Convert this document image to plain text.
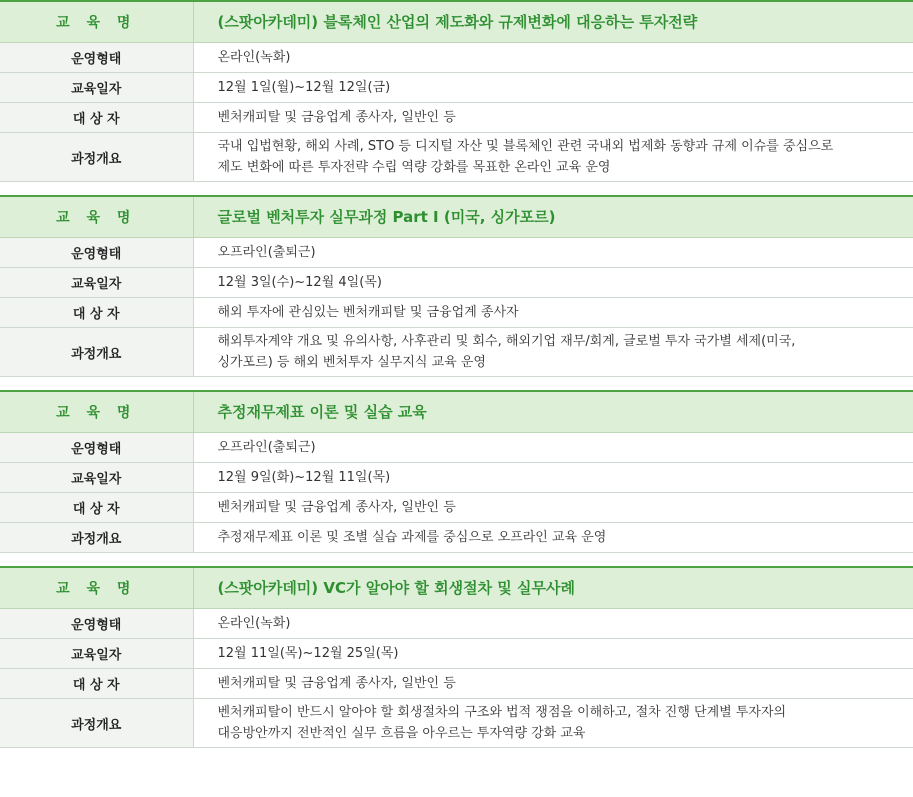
교 육 명	(스팟아카데미) 블록체인 산업의 제도화와 규제변화에 대응하는 투자전략
운영형태	온라인(녹화)
교육일자	12월 1일(월)~12월 12일(금)
대 상 자	벤처캐피탈 및 금융업계 종사자, 일반인 등
과정개요	국내 입법현황, 해외 사례, STO 등 디지털 자산 및 블록체인 관련 국내외 법제화 동향과 규제 이슈를 중심으로
제도 변화에 따른 투자전략 수립 역량 강화를 목표한 온라인 교육 운영

교 육 명	글로벌 벤처투자 실무과정 Part I (미국, 싱가포르)
운영형태	오프라인(출퇴근)
교육일자	12월 3일(수)~12월 4일(목)
대 상 자	해외 투자에 관심있는 벤처캐피탈 및 금융업계 종사자
과정개요	해외투자계약 개요 및 유의사항, 사후관리 및 회수, 해외기업 재무/회계, 글로벌 투자 국가별 세제(미국,
싱가포르) 등 해외 벤처투자 실무지식 교육 운영

교 육 명	추정재무제표 이론 및 실습 교육
운영형태	오프라인(출퇴근)
교육일자	12월 9일(화)~12월 11일(목)
대 상 자	벤처캐피탈 및 금융업계 종사자, 일반인 등
과정개요	추정재무제표 이론 및 조별 실습 과제를 중심으로 오프라인 교육 운영

교 육 명	(스팟아카데미) VC가 알아야 할 회생절차 및 실무사례
운영형태	온라인(녹화)
교육일자	12월 11일(목)~12월 25일(목)
대 상 자	벤처캐피탈 및 금융업계 종사자, 일반인 등
과정개요	벤처캐피탈이 반드시 알아야 할 회생절차의 구조와 법적 쟁점을 이해하고, 절차 진행 단계별 투자자의
대응방안까지 전반적인 실무 흐름을 아우르는 투자역량 강화 교육
